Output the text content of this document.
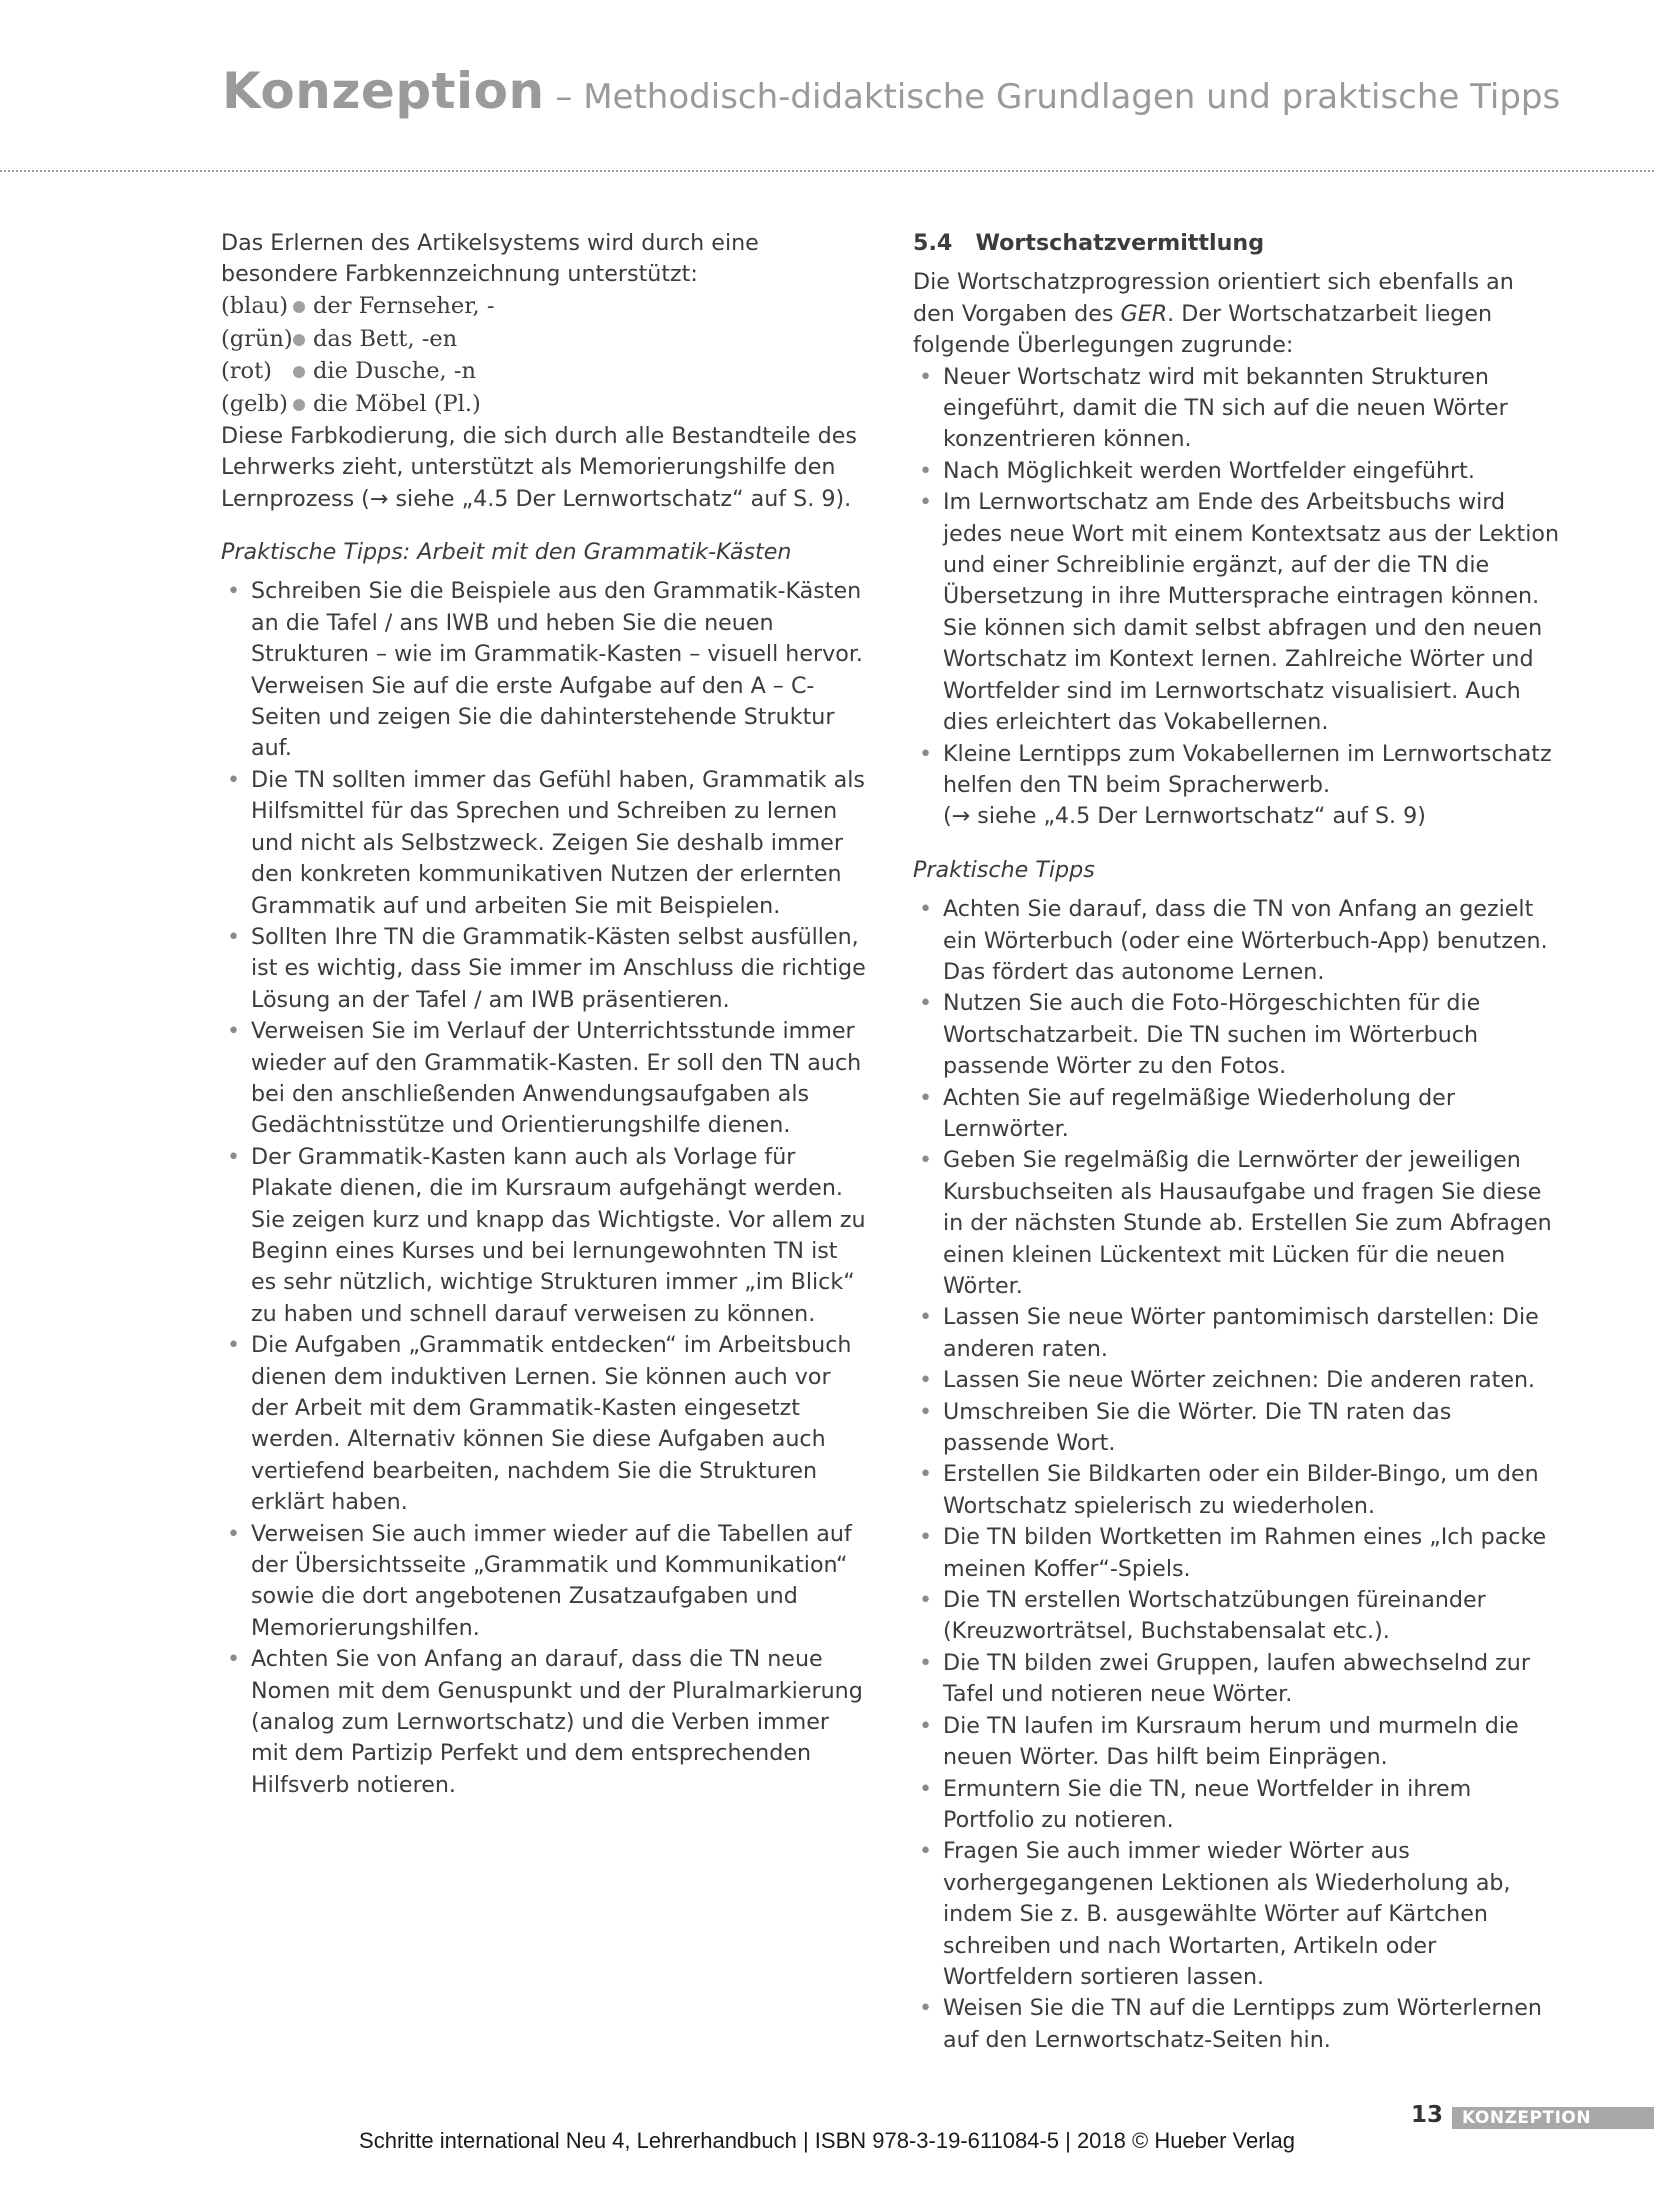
Konzeption – Methodisch-didaktische Grundlagen und praktische Tipps

Das Erlernen des Artikelsystems wird durch eine besondere Farbkennzeichnung unterstützt:

(blau) der Fernseher, -
(grün) das Bett, -en
(rot)	die Dusche, -n
(gelb) die Möbel (Pl.)

Diese Farbkodierung, die sich durch alle Bestandteile des Lehrwerks zieht, unterstützt als Memorierungshilfe den Lernprozess (→ siehe „4.5 Der Lernwortschatz“ auf S. 9).

Praktische Tipps: Arbeit mit den Grammatik-Kästen

• Schreiben Sie die Beispiele aus den Grammatik-Kästen an die Tafel / ans IWB und heben Sie die neuen Strukturen – wie im Grammatik-Kasten – visuell hervor. Verweisen Sie auf die erste Aufgabe auf den A – C-Seiten und zeigen Sie die dahinterstehende Struktur auf.
• Die TN sollten immer das Gefühl haben, Grammatik als Hilfsmittel für das Sprechen und Schreiben zu lernen und nicht als Selbstzweck. Zeigen Sie deshalb immer den konkreten kommunikativen Nutzen der erlernten Grammatik auf und arbeiten Sie mit Beispielen.
• Sollten Ihre TN die Grammatik-Kästen selbst ausfüllen, ist es wichtig, dass Sie immer im Anschluss die richtige Lösung an der Tafel / am IWB präsentieren.
• Verweisen Sie im Verlauf der Unterrichtsstunde immer wieder auf den Grammatik-Kasten. Er soll den TN auch bei den anschließenden Anwendungsaufgaben als Gedächtnisstütze und Orientierungshilfe dienen.
• Der Grammatik-Kasten kann auch als Vorlage für Plakate dienen, die im Kursraum aufgehängt werden. Sie zeigen kurz und knapp das Wichtigste. Vor allem zu Beginn eines Kurses und bei lernungewohnten TN ist es sehr nützlich, wichtige Strukturen immer „im Blick“ zu haben und schnell darauf verweisen zu können.
• Die Aufgaben „Grammatik entdecken“ im Arbeitsbuch dienen dem induktiven Lernen. Sie können auch vor der Arbeit mit dem Grammatik-Kasten eingesetzt werden. Alternativ können Sie diese Aufgaben auch vertiefend bearbeiten, nachdem Sie die Strukturen erklärt haben.
• Verweisen Sie auch immer wieder auf die Tabellen auf der Übersichtsseite „Grammatik und Kommunikation“ sowie die dort angebotenen Zusatzaufgaben und Memorierungshilfen.
• Achten Sie von Anfang an darauf, dass die TN neue Nomen mit dem Genuspunkt und der Pluralmarkierung (analog zum Lernwortschatz) und die Verben immer mit dem Partizip Perfekt und dem entsprechenden Hilfsverb notieren.

5.4 Wortschatzvermittlung

Die Wortschatzprogression orientiert sich ebenfalls an den Vorgaben des GER. Der Wortschatzarbeit liegen folgende Überlegungen zugrunde:

• Neuer Wortschatz wird mit bekannten Strukturen eingeführt, damit die TN sich auf die neuen Wörter konzentrieren können.
• Nach Möglichkeit werden Wortfelder eingeführt.
• Im Lernwortschatz am Ende des Arbeitsbuchs wird jedes neue Wort mit einem Kontextsatz aus der Lektion und einer Schreiblinie ergänzt, auf der die TN die Übersetzung in ihre Muttersprache eintragen können. Sie können sich damit selbst abfragen und den neuen Wortschatz im Kontext lernen. Zahlreiche Wörter und Wortfelder sind im Lernwortschatz visualisiert. Auch dies erleichtert das Vokabellernen.
• Kleine Lerntipps zum Vokabellernen im Lernwortschatz helfen den TN beim Spracherwerb.
(→ siehe „4.5 Der Lernwortschatz“ auf S. 9)

Praktische Tipps

• Achten Sie darauf, dass die TN von Anfang an gezielt ein Wörterbuch (oder eine Wörterbuch-App) benutzen. Das fördert das autonome Lernen.
• Nutzen Sie auch die Foto-Hörgeschichten für die Wortschatzarbeit. Die TN suchen im Wörterbuch passende Wörter zu den Fotos.
• Achten Sie auf regelmäßige Wiederholung der Lernwörter.
• Geben Sie regelmäßig die Lernwörter der jeweiligen Kursbuchseiten als Hausaufgabe und fragen Sie diese in der nächsten Stunde ab. Erstellen Sie zum Abfragen einen kleinen Lückentext mit Lücken für die neuen Wörter.
• Lassen Sie neue Wörter pantomimisch darstellen: Die anderen raten.
• Lassen Sie neue Wörter zeichnen: Die anderen raten.
• Umschreiben Sie die Wörter. Die TN raten das passende Wort.
• Erstellen Sie Bildkarten oder ein Bilder-Bingo, um den Wortschatz spielerisch zu wiederholen.
• Die TN bilden Wortketten im Rahmen eines „Ich packe meinen Koffer“-Spiels.
• Die TN erstellen Wortschatzübungen füreinander (Kreuzworträtsel, Buchstabensalat etc.).
• Die TN bilden zwei Gruppen, laufen abwechselnd zur Tafel und notieren neue Wörter.
• Die TN laufen im Kursraum herum und murmeln die neuen Wörter. Das hilft beim Einprägen.
• Ermuntern Sie die TN, neue Wortfelder in ihrem Portfolio zu notieren.
• Fragen Sie auch immer wieder Wörter aus vorhergegangenen Lektionen als Wiederholung ab, indem Sie z. B. ausgewählte Wörter auf Kärtchen schreiben und nach Wortarten, Artikeln oder Wortfeldern sortieren lassen.
• Weisen Sie die TN auf die Lerntipps zum Wörterlernen auf den Lernwortschatz-Seiten hin.
13	KONZEPTION
Schritte international Neu 4, Lehrerhandbuch | ISBN 978-3-19-611084-5 | 2018 © Hueber Verlag
